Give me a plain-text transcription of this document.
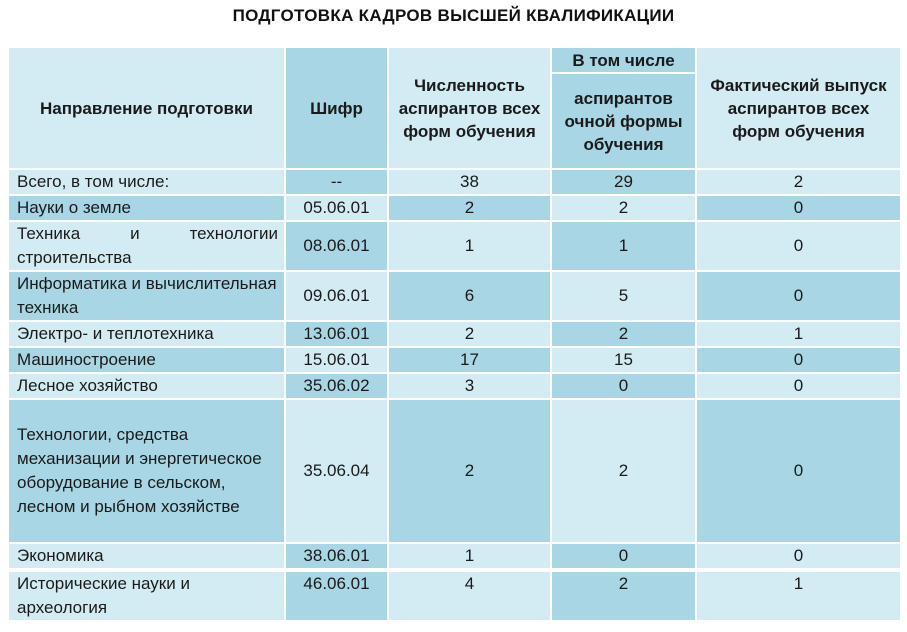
ПОДГОТОВКА КАДРОВ ВЫСШЕЙ КВАЛИФИКАЦИИ
Направление подготовки	Шифр	Численность аспирантов всех форм обучения	В том числе	Фактический выпуск аспирантов всех форм обучения
			аспирантов очной формы обучения	
Всего, в том числе:	--	38	29	2
Науки о земле	05.06.01	2	2	0
Техника и технологии строительства	08.06.01	1	1	0
Информатика и вычислительная техника	09.06.01	6	5	0
Электро- и теплотехника	13.06.01	2	2	1
Машиностроение	15.06.01	17	15	0
Лесное хозяйство	35.06.02	3	0	0
Технологии, средства механизации и энергетическое оборудование в сельском, лесном и рыбном хозяйстве	35.06.04	2	2	0
Экономика	38.06.01	1	0	0
Исторические науки и археология	46.06.01	4	2	1
